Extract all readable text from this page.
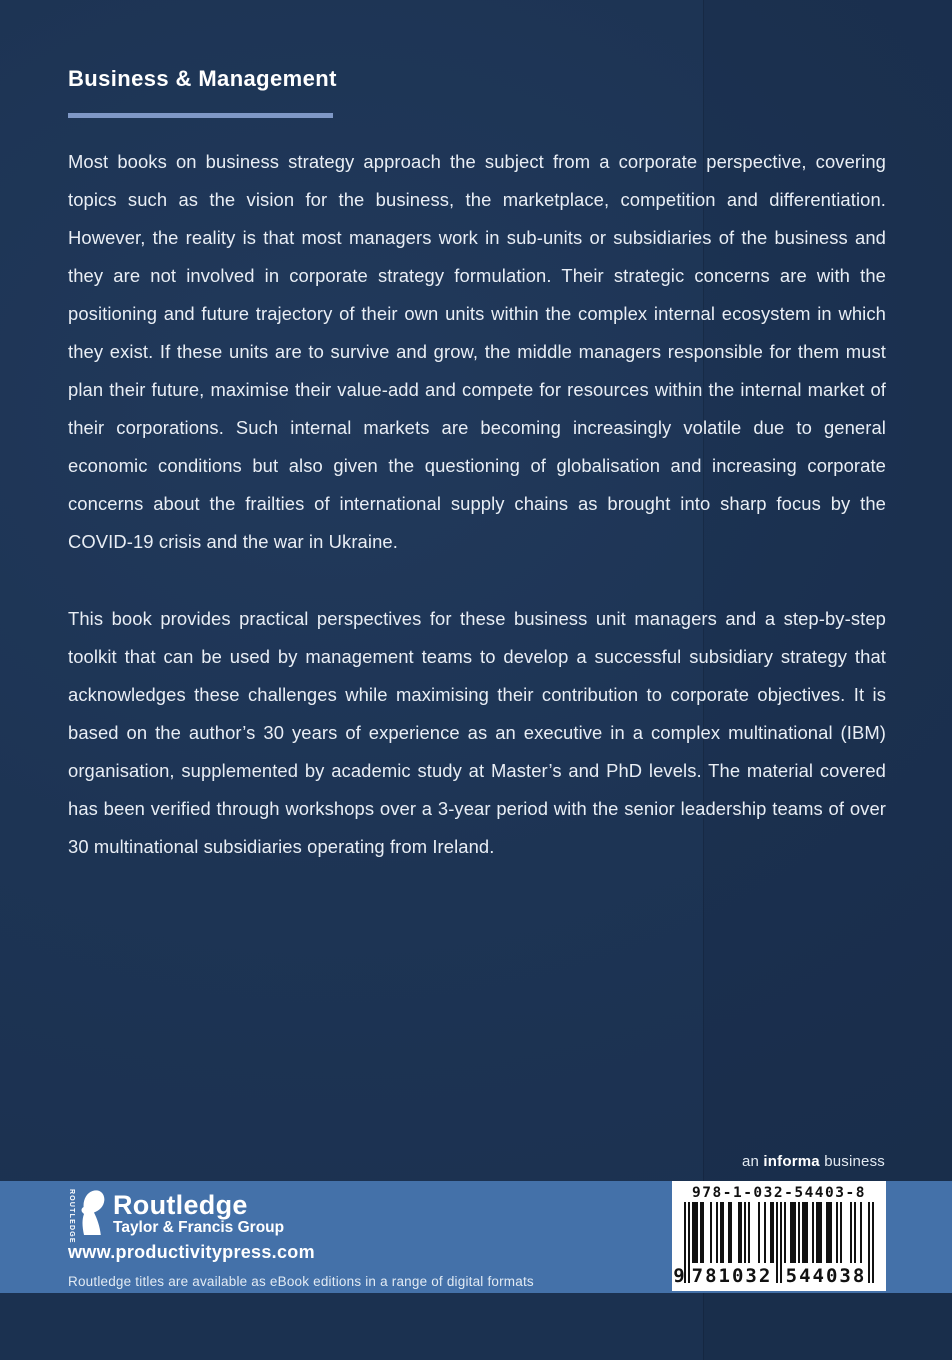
Business & Management

Most books on business strategy approach the subject from a corporate perspective, covering topics such as the vision for the business, the marketplace, competition and differentiation. However, the reality is that most managers work in sub-units or subsidiaries of the business and they are not involved in corporate strategy formulation. Their strategic concerns are with the positioning and future trajectory of their own units within the complex internal ecosystem in which they exist. If these units are to survive and grow, the middle managers responsible for them must plan their future, maximise their value-add and compete for resources within the internal market of their corporations. Such internal markets are becoming increasingly volatile due to general economic conditions but also given the questioning of globalisation and increasing corporate concerns about the frailties of international supply chains as brought into sharp focus by the COVID-19 crisis and the war in Ukraine.

This book provides practical perspectives for these business unit managers and a step-by-step toolkit that can be used by management teams to develop a successful subsidiary strategy that acknowledges these challenges while maximising their contribution to corporate objectives. It is based on the author’s 30 years of experience as an executive in a complex multinational (IBM) organisation, supplemented by academic study at Master’s and PhD levels. The material covered has been verified through workshops over a 3-year period with the senior leadership teams of over 30 multinational subsidiaries operating from Ireland.

an informa business
ROUTLEDGE Routledge
Taylor & Francis Group
www.productivitypress.com
Routledge titles are available as eBook editions in a range of digital formats
978-1-032-54403-8
9 781032 544038
